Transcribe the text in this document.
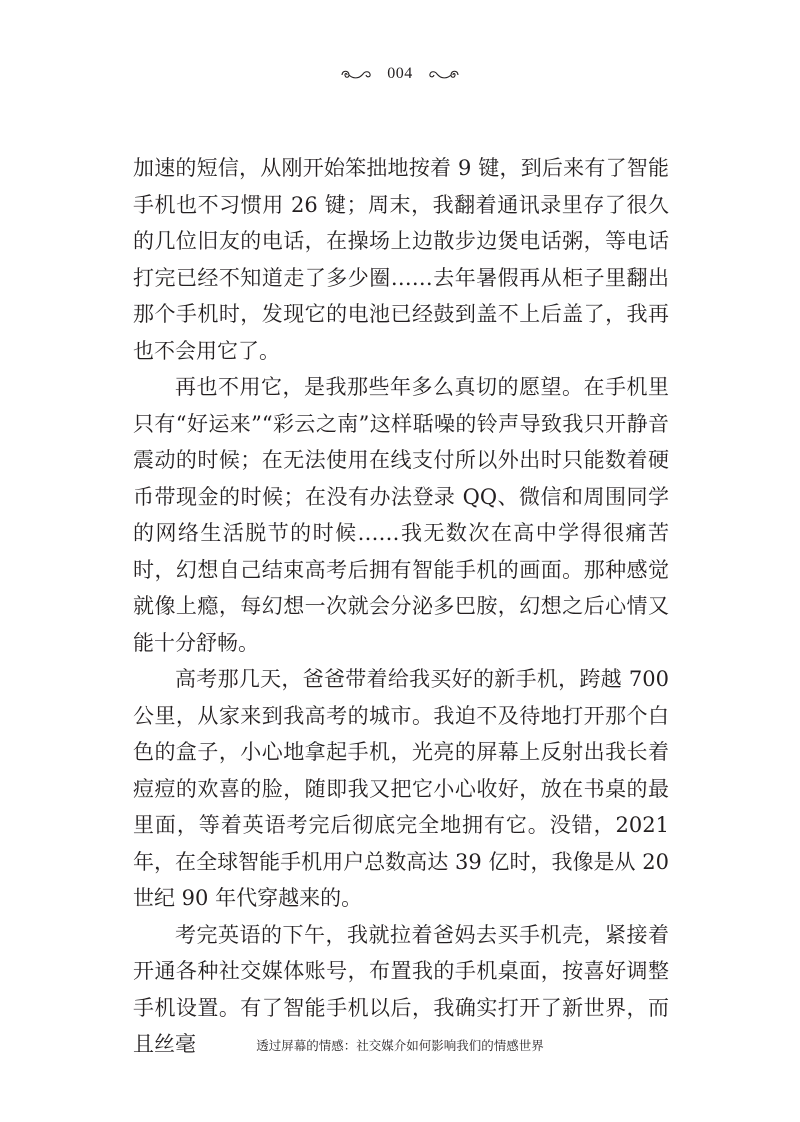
004

加速的短信，从刚开始笨拙地按着 9 键，到后来有了智能手机也不习惯用 26 键；周末，我翻着通讯录里存了很久的几位旧友的电话，在操场上边散步边煲电话粥，等电话打完已经不知道走了多少圈……去年暑假再从柜子里翻出那个手机时，发现它的电池已经鼓到盖不上后盖了，我再也不会用它了。

再也不用它，是我那些年多么真切的愿望。在手机里只有“好运来”“彩云之南”这样聒噪的铃声导致我只开静音震动的时候；在无法使用在线支付所以外出时只能数着硬币带现金的时候；在没有办法登录 QQ、微信和周围同学的网络生活脱节的时候……我无数次在高中学得很痛苦时，幻想自己结束高考后拥有智能手机的画面。那种感觉就像上瘾，每幻想一次就会分泌多巴胺，幻想之后心情又能十分舒畅。

高考那几天，爸爸带着给我买好的新手机，跨越 700 公里，从家来到我高考的城市。我迫不及待地打开那个白色的盒子，小心地拿起手机，光亮的屏幕上反射出我长着痘痘的欢喜的脸，随即我又把它小心收好，放在书桌的最里面，等着英语考完后彻底完全地拥有它。没错，2021 年，在全球智能手机用户总数高达 39 亿时，我像是从 20 世纪 90 年代穿越来的。

考完英语的下午，我就拉着爸妈去买手机壳，紧接着开通各种社交媒体账号，布置我的手机桌面，按喜好调整手机设置。有了智能手机以后，我确实打开了新世界，而且丝毫	透过屏幕的情感：社交媒介如何影响我们的情感世界
